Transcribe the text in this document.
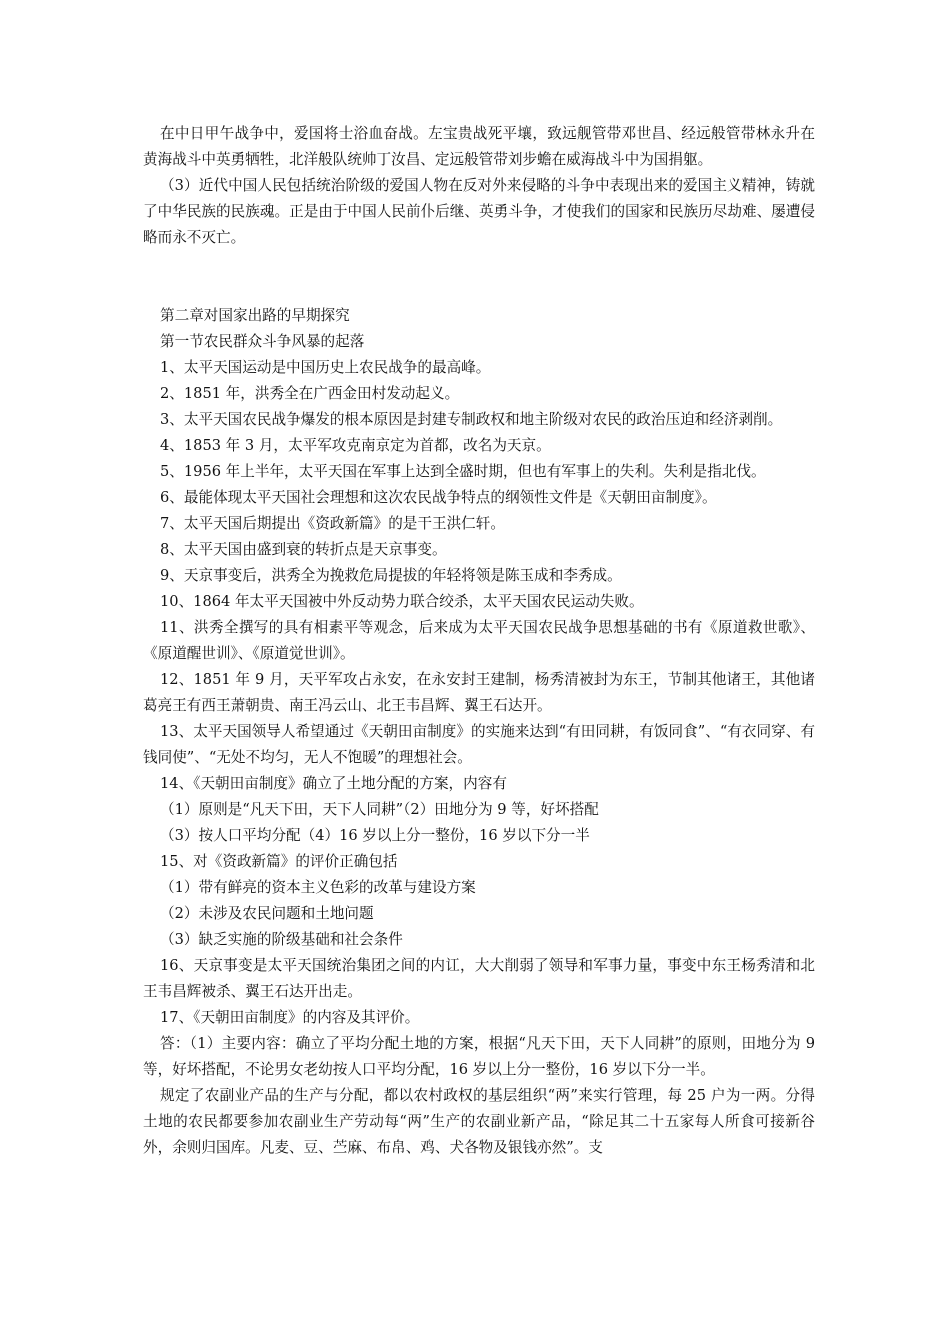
在中日甲午战争中，爱国将士浴血奋战。左宝贵战死平壤，致远舰管带邓世昌、经远般管带林永升在黄海战斗中英勇牺牲，北洋般队统帅丁汝昌、定远般管带刘步蟾在威海战斗中为国捐躯。

（3）近代中国人民包括统治阶级的爱国人物在反对外来侵略的斗争中表现出来的爱国主义精神，铸就了中华民族的民族魂。正是由于中国人民前仆后继、英勇斗争，才使我们的国家和民族历尽劫难、屡遭侵略而永不灭亡。

第二章对国家出路的早期探究

第一节农民群众斗争风暴的起落

1、太平天国运动是中国历史上农民战争的最高峰。

2、1851 年，洪秀全在广西金田村发动起义。

3、太平天国农民战争爆发的根本原因是封建专制政权和地主阶级对农民的政治压迫和经济剥削。

4、1853 年 3 月，太平军攻克南京定为首都，改名为天京。

5、1956 年上半年，太平天国在军事上达到全盛时期，但也有军事上的失利。失利是指北伐。

6、最能体现太平天国社会理想和这次农民战争特点的纲领性文件是《天朝田亩制度》。

7、太平天国后期提出《资政新篇》的是干王洪仁轩。

8、太平天国由盛到衰的转折点是天京事变。

9、天京事变后，洪秀全为挽救危局提拔的年轻将领是陈玉成和李秀成。

10、1864 年太平天国被中外反动势力联合绞杀，太平天国农民运动失败。

11、洪秀全撰写的具有相素平等观念，后来成为太平天国农民战争思想基础的书有《原道救世歌》、《原道醒世训》、《原道觉世训》。

12、1851 年 9 月，天平军攻占永安，在永安封王建制，杨秀清被封为东王，节制其他诸王，其他诸葛亮王有西王萧朝贵、南王冯云山、北王韦昌辉、翼王石达开。

13、太平天国领导人希望通过《天朝田亩制度》的实施来达到“有田同耕，有饭同食”、“有衣同穿、有钱同使”、“无处不均匀，无人不饱暖”的理想社会。

14、《天朝田亩制度》确立了土地分配的方案，内容有

（1）原则是“凡天下田，天下人同耕”（2）田地分为 9 等，好坏搭配

（3）按人口平均分配（4）16 岁以上分一整份，16 岁以下分一半

15、对《资政新篇》的评价正确包括

（1）带有鲜亮的资本主义色彩的改革与建设方案

（2）未涉及农民问题和土地问题

（3）缺乏实施的阶级基础和社会条件

16、天京事变是太平天国统治集团之间的内讧，大大削弱了领导和军事力量，事变中东王杨秀清和北王韦昌辉被杀、翼王石达开出走。

17、《天朝田亩制度》的内容及其评价。

答：（1）主要内容：确立了平均分配土地的方案，根据“凡天下田，天下人同耕”的原则，田地分为 9 等，好坏搭配，不论男女老幼按人口平均分配，16 岁以上分一整份，16 岁以下分一半。

规定了农副业产品的生产与分配，都以农村政权的基层组织“两”来实行管理，每 25 户为一两。分得土地的农民都要参加农副业生产劳动每“两”生产的农副业新产品，“除足其二十五家每人所食可接新谷外，余则归国库。凡麦、豆、苎麻、布帛、鸡、犬各物及银钱亦然”。支
